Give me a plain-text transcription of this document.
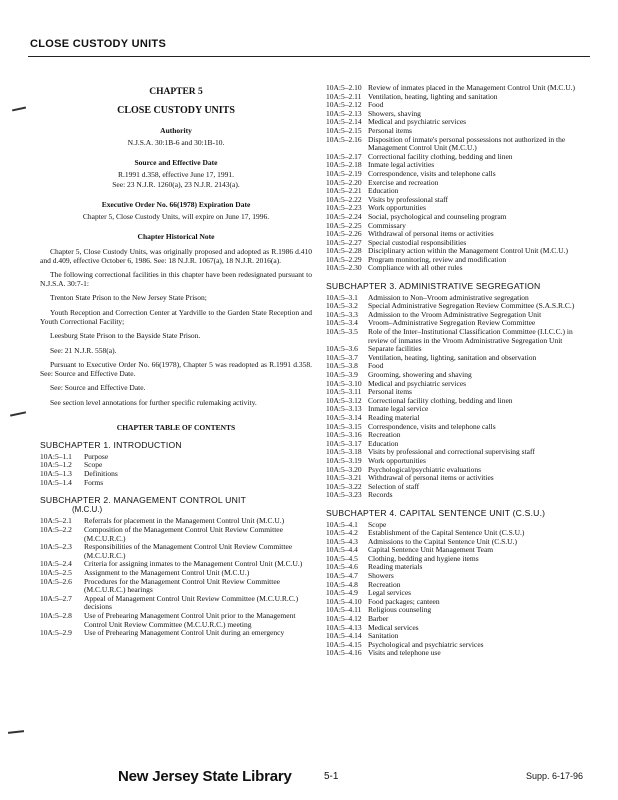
CLOSE CUSTODY UNITS
CHAPTER 5
CLOSE CUSTODY UNITS
Authority
N.J.S.A. 30:1B-6 and 30:1B-10.
Source and Effective Date
R.1991 d.358, effective June 17, 1991.
See: 23 N.J.R. 1260(a), 23 N.J.R. 2143(a).
Executive Order No. 66(1978) Expiration Date
Chapter 5, Close Custody Units, will expire on June 17, 1996.
Chapter Historical Note
Chapter 5, Close Custody Units, was originally proposed and adopted as R.1986 d.410 and d.409, effective October 6, 1986. See: 18 N.J.R. 1067(a), 18 N.J.R. 2016(a).
The following correctional facilities in this chapter have been redesignated pursuant to N.J.S.A. 30:7-1:
Trenton State Prison to the New Jersey State Prison;
Youth Reception and Correction Center at Yardville to the Garden State Reception and Youth Correctional Facility;
Leesburg State Prison to the Bayside State Prison.
See: 21 N.J.R. 558(a).
Pursuant to Executive Order No. 66(1978), Chapter 5 was readopted as R.1991 d.358. See: Source and Effective Date.
See: Source and Effective Date.
See section level annotations for further specific rulemaking activity.
CHAPTER TABLE OF CONTENTS
SUBCHAPTER 1. INTRODUCTION
10A:5–1.1	Purpose
10A:5–1.2	Scope
10A:5–1.3	Definitions
10A:5–1.4	Forms
SUBCHAPTER 2. MANAGEMENT CONTROL UNIT
(M.C.U.)
10A:5–2.1	Referrals for placement in the Management Control Unit (M.C.U.)
10A:5–2.2	Composition of the Management Control Unit Review Committee (M.C.U.R.C.)
10A:5–2.3	Responsibilities of the Management Control Unit Review Committee (M.C.U.R.C.)
10A:5–2.4	Criteria for assigning inmates to the Management Control Unit (M.C.U.)
10A:5–2.5	Assignment to the Management Control Unit (M.C.U.)
10A:5–2.6	Procedures for the Management Control Unit Review Committee (M.C.U.R.C.) hearings
10A:5–2.7	Appeal of Management Control Unit Review Committee (M.C.U.R.C.) decisions
10A:5–2.8	Use of Prehearing Management Control Unit prior to the Management Control Unit Review Committee (M.C.U.R.C.) meeting
10A:5–2.9	Use of Prehearing Management Control Unit during an emergency
10A:5–2.10 Review of inmates placed in the Management Control Unit (M.C.U.)
10A:5–2.11 Ventilation, heating, lighting and sanitation
10A:5–2.12 Food
10A:5–2.13 Showers, shaving
10A:5–2.14 Medical and psychiatric services
10A:5–2.15 Personal items
10A:5–2.16 Disposition of inmate's personal possessions not authorized in the Management Control Unit (M.C.U.)
10A:5–2.17 Correctional facility clothing, bedding and linen
10A:5–2.18 Inmate legal activities
10A:5–2.19 Correspondence, visits and telephone calls
10A:5–2.20 Exercise and recreation
10A:5–2.21 Education
10A:5–2.22 Visits by professional staff
10A:5–2.23 Work opportunities
10A:5–2.24 Social, psychological and counseling program
10A:5–2.25 Commissary
10A:5–2.26 Withdrawal of personal items or activities
10A:5–2.27 Special custodial responsibilities
10A:5–2.28 Disciplinary action within the Management Control Unit (M.C.U.)
10A:5–2.29 Program monitoring, review and modification
10A:5–2.30 Compliance with all other rules
SUBCHAPTER 3. ADMINISTRATIVE SEGREGATION
10A:5–3.1	Admission to Non–Vroom administrative segregation
10A:5–3.2	Special Administrative Segregation Review Committee (S.A.S.R.C.)
10A:5–3.3	Admission to the Vroom Administrative Segregation Unit
10A:5–3.4	Vroom–Administrative Segregation Review Committee
10A:5–3.5	Role of the Inter–Institutional Classification Committee (I.I.C.C.) in review of inmates in the Vroom Administrative Segregation Unit
10A:5–3.6	Separate facilities
10A:5–3.7	Ventilation, heating, lighting, sanitation and observation
10A:5–3.8	Food
10A:5–3.9	Grooming, showering and shaving
10A:5–3.10 Medical and psychiatric services
10A:5–3.11 Personal items
10A:5–3.12 Correctional facility clothing, bedding and linen
10A:5–3.13 Inmate legal service
10A:5–3.14 Reading material
10A:5–3.15 Correspondence, visits and telephone calls
10A:5–3.16 Recreation
10A:5–3.17 Education
10A:5–3.18 Visits by professional and correctional supervising staff
10A:5–3.19 Work opportunities
10A:5–3.20 Psychological/psychiatric evaluations
10A:5–3.21 Withdrawal of personal items or activities
10A:5–3.22 Selection of staff
10A:5–3.23 Records
SUBCHAPTER 4. CAPITAL SENTENCE UNIT (C.S.U.)
10A:5–4.1	Scope
10A:5–4.2	Establishment of the Capital Sentence Unit (C.S.U.)
10A:5–4.3	Admissions to the Capital Sentence Unit (C.S.U.)
10A:5–4.4	Capital Sentence Unit Management Team
10A:5–4.5	Clothing, bedding and hygiene items
10A:5–4.6	Reading materials
10A:5–4.7	Showers
10A:5–4.8	Recreation
10A:5–4.9	Legal services
10A:5–4.10 Food packages; canteen
10A:5–4.11 Religious counseling
10A:5–4.12 Barber
10A:5–4.13 Medical services
10A:5–4.14 Sanitation
10A:5–4.15 Psychological and psychiatric services
10A:5–4.16 Visits and telephone use
New Jersey State Library	5-1	Supp. 6-17-96
